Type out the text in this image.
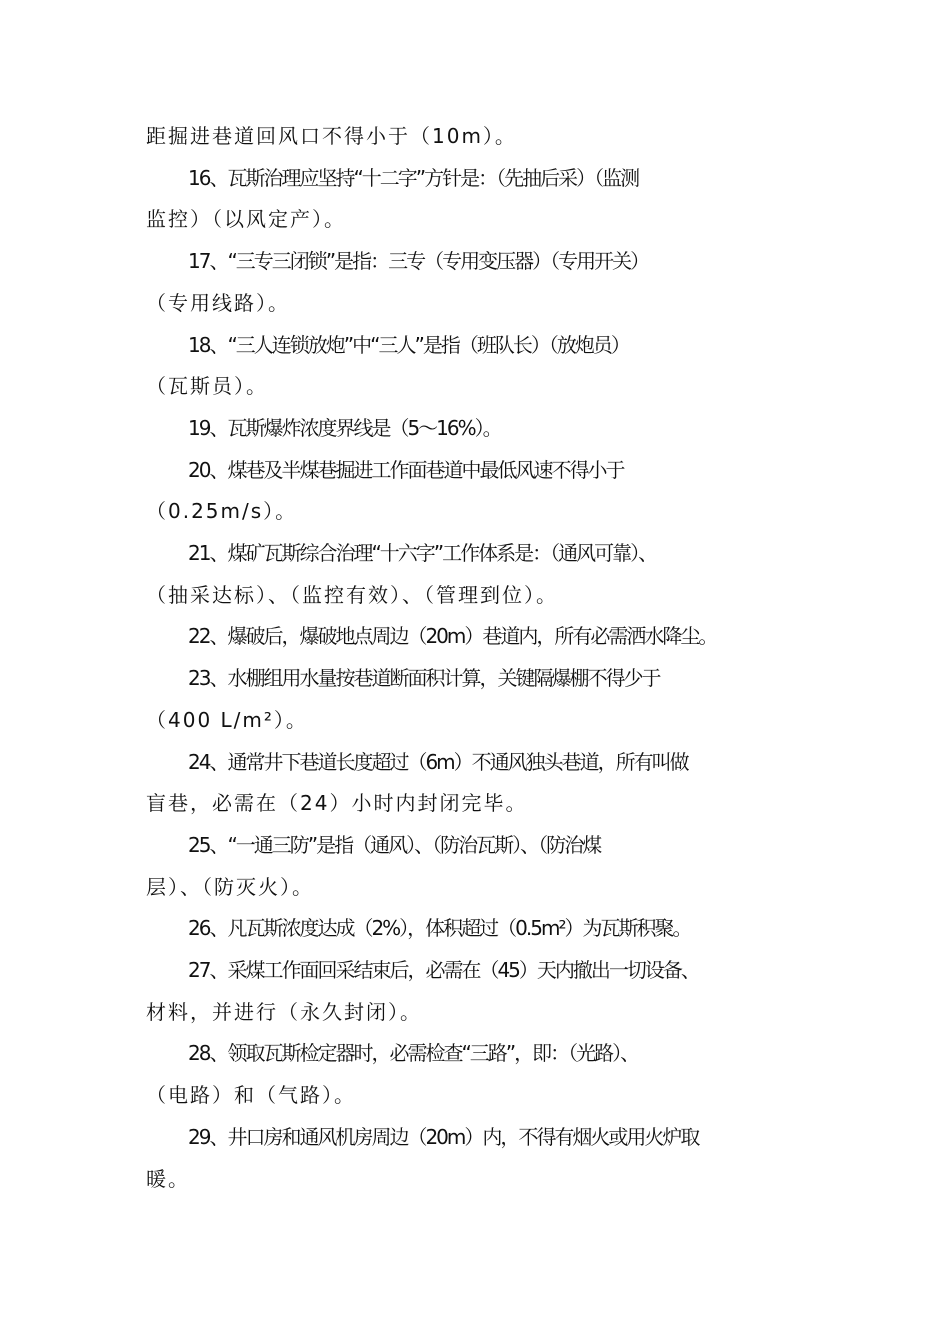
距掘进巷道回风口不得小于（10m）。

16、瓦斯治理应坚持“十二字”方针是：（先抽后采）（监测
监控）（以风定产）。

17、“三专三闭锁”是指：三专（专用变压器）（专用开关）
（专用线路）。

18、“三人连锁放炮”中“三人”是指（班队长）（放炮员）
（瓦斯员）。

19、瓦斯爆炸浓度界线是（5～16%）。

20、煤巷及半煤巷掘进工作面巷道中最低风速不得小于
（0.25m/s）。

21、煤矿瓦斯综合治理“十六字”工作体系是：（通风可靠）、
（抽采达标）、（监控有效）、（管理到位）。

22、爆破后，爆破地点周边（20m）巷道内，所有必需洒水降尘。

23、水棚组用水量按巷道断面积计算，关键隔爆棚不得少于
（400 L/m²）。

24、通常井下巷道长度超过（6m）不通风独头巷道，所有叫做
盲巷，必需在（24）小时内封闭完毕。

25、“一通三防”是指（通风）、（防治瓦斯）、（防治煤
层）、（防灭火）。

26、凡瓦斯浓度达成（2%），体积超过（0.5m²）为瓦斯积聚。

27、采煤工作面回采结束后，必需在（45）天内撤出一切设备、
材料，并进行（永久封闭）。

28、领取瓦斯检定器时，必需检查“三路”，即：（光路）、
（电路）和（气路）。

29、井口房和通风机房周边（20m）内，不得有烟火或用火炉取
暖。
